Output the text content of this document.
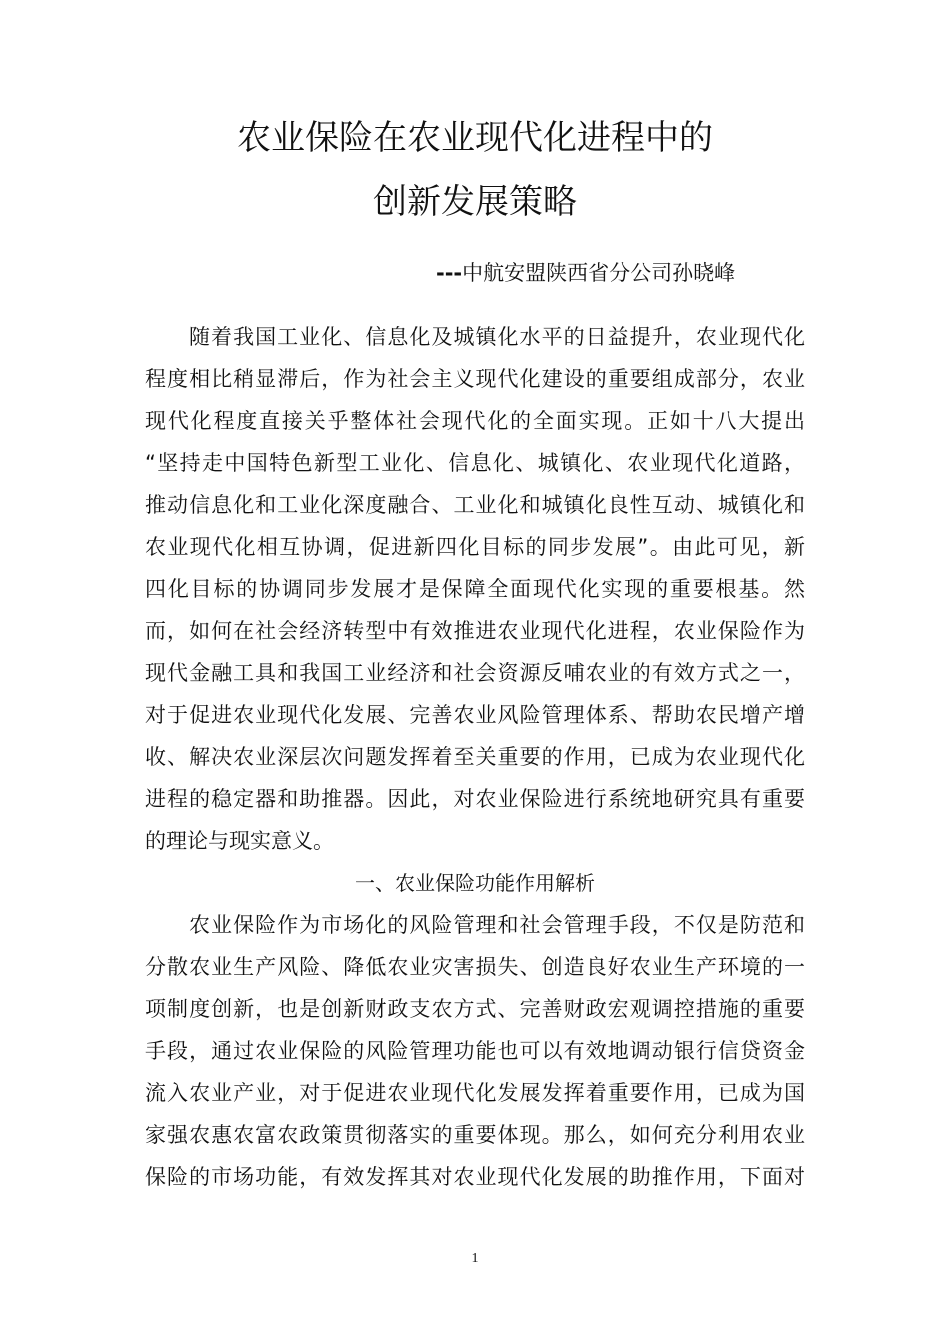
农业保险在农业现代化进程中的
创新发展策略
---中航安盟陕西省分公司孙晓峰
随着我国工业化、信息化及城镇化水平的日益提升，农业现代化
程度相比稍显滞后，作为社会主义现代化建设的重要组成部分，农业
现代化程度直接关乎整体社会现代化的全面实现。正如十八大提出
“坚持走中国特色新型工业化、信息化、城镇化、农业现代化道路，
推动信息化和工业化深度融合、工业化和城镇化良性互动、城镇化和
农业现代化相互协调，促进新四化目标的同步发展”。由此可见，新
四化目标的协调同步发展才是保障全面现代化实现的重要根基。然
而，如何在社会经济转型中有效推进农业现代化进程，农业保险作为
现代金融工具和我国工业经济和社会资源反哺农业的有效方式之一，
对于促进农业现代化发展、完善农业风险管理体系、帮助农民增产增
收、解决农业深层次问题发挥着至关重要的作用，已成为农业现代化
进程的稳定器和助推器。因此，对农业保险进行系统地研究具有重要
的理论与现实意义。
一、农业保险功能作用解析
农业保险作为市场化的风险管理和社会管理手段，不仅是防范和
分散农业生产风险、降低农业灾害损失、创造良好农业生产环境的一
项制度创新，也是创新财政支农方式、完善财政宏观调控措施的重要
手段，通过农业保险的风险管理功能也可以有效地调动银行信贷资金
流入农业产业，对于促进农业现代化发展发挥着重要作用，已成为国
家强农惠农富农政策贯彻落实的重要体现。那么，如何充分利用农业
保险的市场功能，有效发挥其对农业现代化发展的助推作用，下面对
1
